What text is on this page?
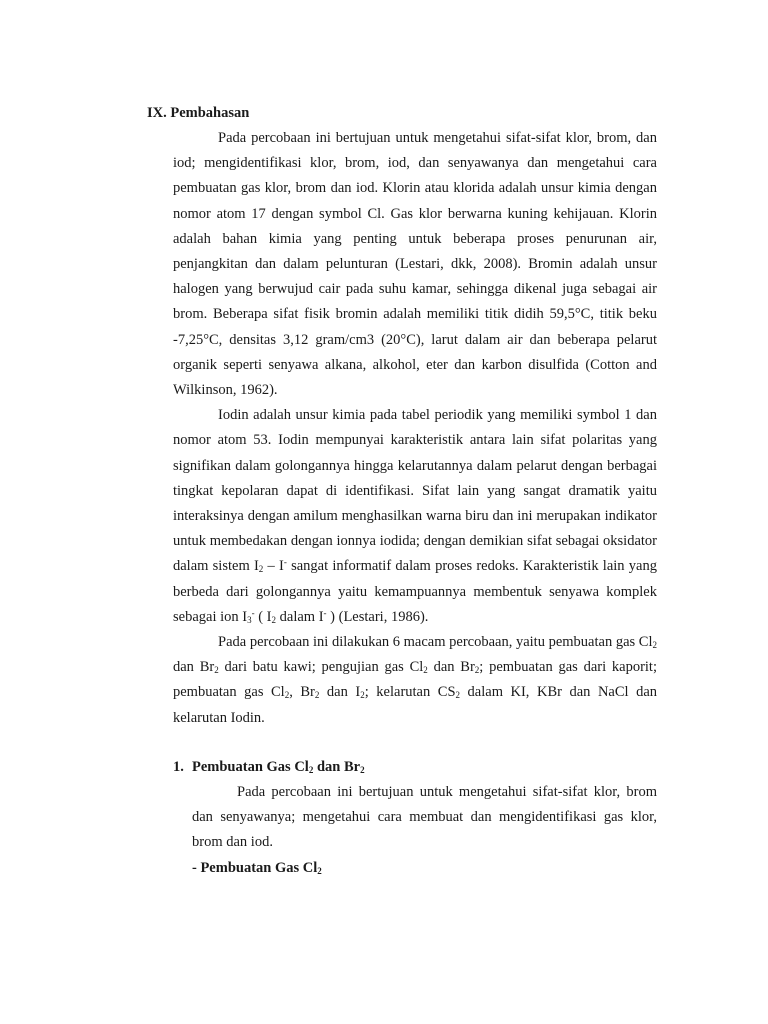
IX. Pembahasan

Pada percobaan ini bertujuan untuk mengetahui sifat-sifat klor, brom, dan iod; mengidentifikasi klor, brom, iod, dan senyawanya dan mengetahui cara pembuatan gas klor, brom dan iod. Klorin atau klorida adalah unsur kimia dengan nomor atom 17 dengan symbol Cl. Gas klor berwarna kuning kehijauan. Klorin adalah bahan kimia yang penting untuk beberapa proses penurunan air, penjangkitan dan dalam pelunturan (Lestari, dkk, 2008). Bromin adalah unsur halogen yang berwujud cair pada suhu kamar, sehingga dikenal juga sebagai air brom. Beberapa sifat fisik bromin adalah memiliki titik didih 59,5°C, titik beku -7,25°C, densitas 3,12 gram/cm3 (20°C), larut dalam air dan beberapa pelarut organik seperti senyawa alkana, alkohol, eter dan karbon disulfida (Cotton and Wilkinson, 1962).

Iodin adalah unsur kimia pada tabel periodik yang memiliki symbol 1 dan nomor atom 53. Iodin mempunyai karakteristik antara lain sifat polaritas yang signifikan dalam golongannya hingga kelarutannya dalam pelarut dengan berbagai tingkat kepolaran dapat di identifikasi. Sifat lain yang sangat dramatik yaitu interaksinya dengan amilum menghasilkan warna biru dan ini merupakan indikator untuk membedakan dengan ionnya iodida; dengan demikian sifat sebagai oksidator dalam sistem $I_2 - I^-$ sangat informatif dalam proses redoks. Karakteristik lain yang berbeda dari golongannya yaitu kemampuannya membentuk senyawa komplek sebagai ion $I_3^-$ ( $I_2$ dalam I- ) (Lestari, 1986).

Pada percobaan ini dilakukan 6 macam percobaan, yaitu pembuatan gas $Cl_2$ dan $Br_2$ dari batu kawi; pengujian gas $Cl_2$ dan $Br_2$; pembuatan gas dari kaporit; pembuatan gas $Cl_2$, $Br_2$ dan $I_2$; kelarutan $CS_2$ dalam KI, KBr dan NaCl dan kelarutan Iodin.

1. Pembuatan Gas $Cl_2$ dan $Br_2$

Pada percobaan ini bertujuan untuk mengetahui sifat-sifat klor, brom dan senyawanya; mengetahui cara membuat dan mengidentifikasi gas klor, brom dan iod.

- Pembuatan Gas $Cl_2$
